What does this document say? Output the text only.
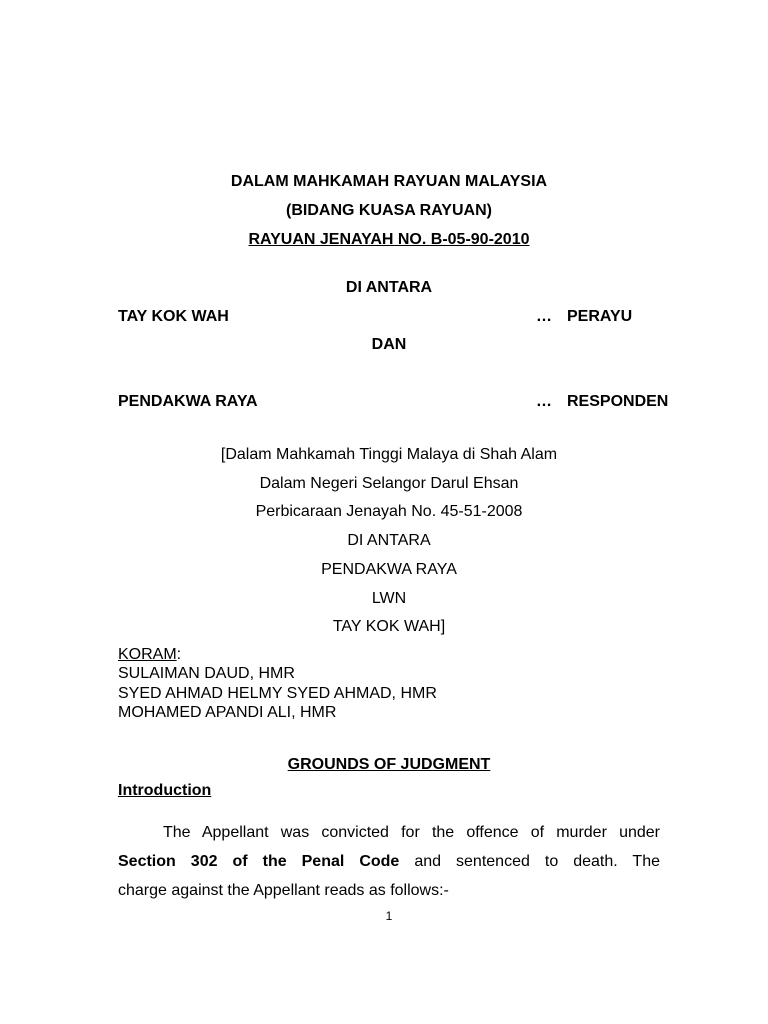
DALAM MAHKAMAH RAYUAN MALAYSIA
(BIDANG KUASA RAYUAN)
RAYUAN JENAYAH NO. B-05-90-2010
DI ANTARA
TAY KOK WAH	… PERAYU
DAN
PENDAKWA RAYA	… RESPONDEN
[Dalam Mahkamah Tinggi Malaya di Shah Alam
Dalam Negeri Selangor Darul Ehsan
Perbicaraan Jenayah No. 45-51-2008
DI ANTARA
PENDAKWA RAYA
LWN
TAY KOK WAH]
KORAM:
SULAIMAN DAUD, HMR
SYED AHMAD HELMY SYED AHMAD, HMR
MOHAMED APANDI ALI, HMR
GROUNDS OF JUDGMENT
Introduction
The Appellant was convicted for the offence of murder under
Section 302 of the Penal Code and sentenced to death. The
charge against the Appellant reads as follows:-
1
